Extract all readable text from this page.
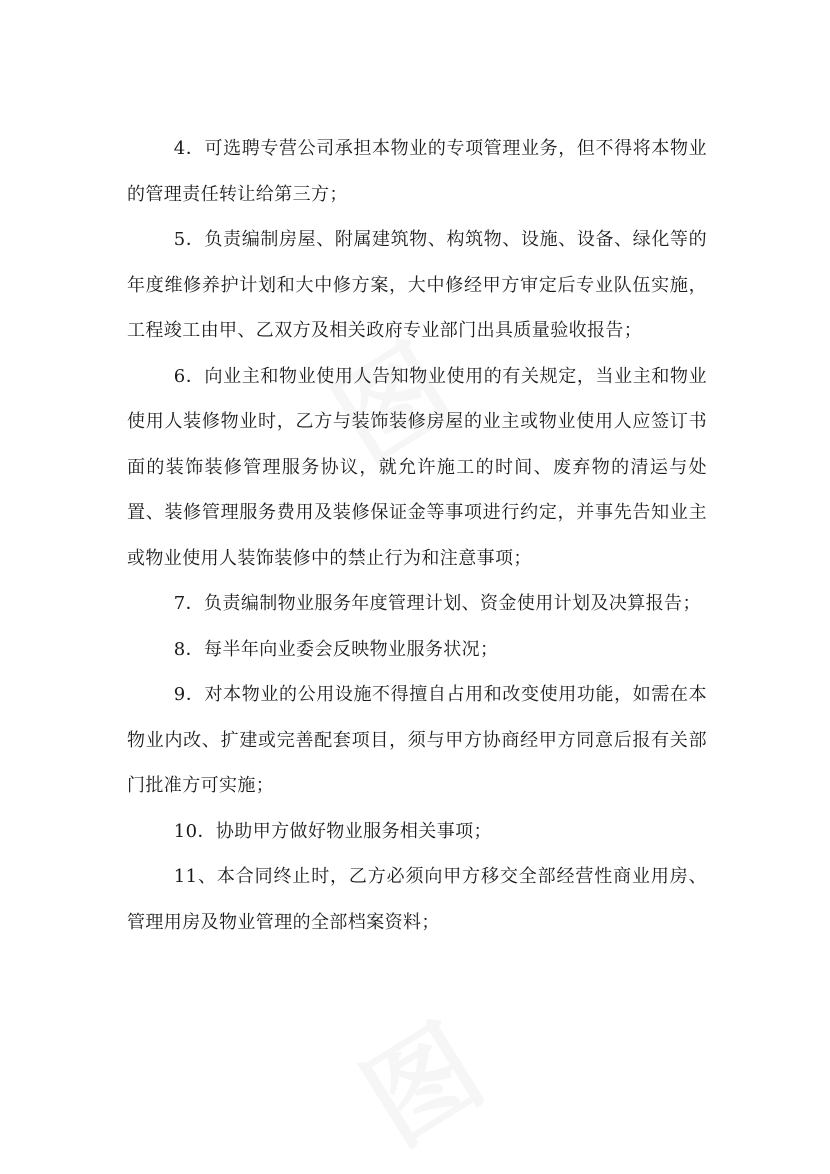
4．可选聘专营公司承担本物业的专项管理业务，但不得将本物业的管理责任转让给第三方；

5．负责编制房屋、附属建筑物、构筑物、设施、设备、绿化等的年度维修养护计划和大中修方案，大中修经甲方审定后专业队伍实施，工程竣工由甲、乙双方及相关政府专业部门出具质量验收报告；

6．向业主和物业使用人告知物业使用的有关规定，当业主和物业使用人装修物业时，乙方与装饰装修房屋的业主或物业使用人应签订书面的装饰装修管理服务协议，就允许施工的时间、废弃物的清运与处置、装修管理服务费用及装修保证金等事项进行约定，并事先告知业主或物业使用人装饰装修中的禁止行为和注意事项；

7．负责编制物业服务年度管理计划、资金使用计划及决算报告；

8．每半年向业委会反映物业服务状况；

9．对本物业的公用设施不得擅自占用和改变使用功能，如需在本物业内改、扩建或完善配套项目，须与甲方协商经甲方同意后报有关部门批准方可实施；

10．协助甲方做好物业服务相关事项；

11、本合同终止时，乙方必须向甲方移交全部经营性商业用房、管理用房及物业管理的全部档案资料；
